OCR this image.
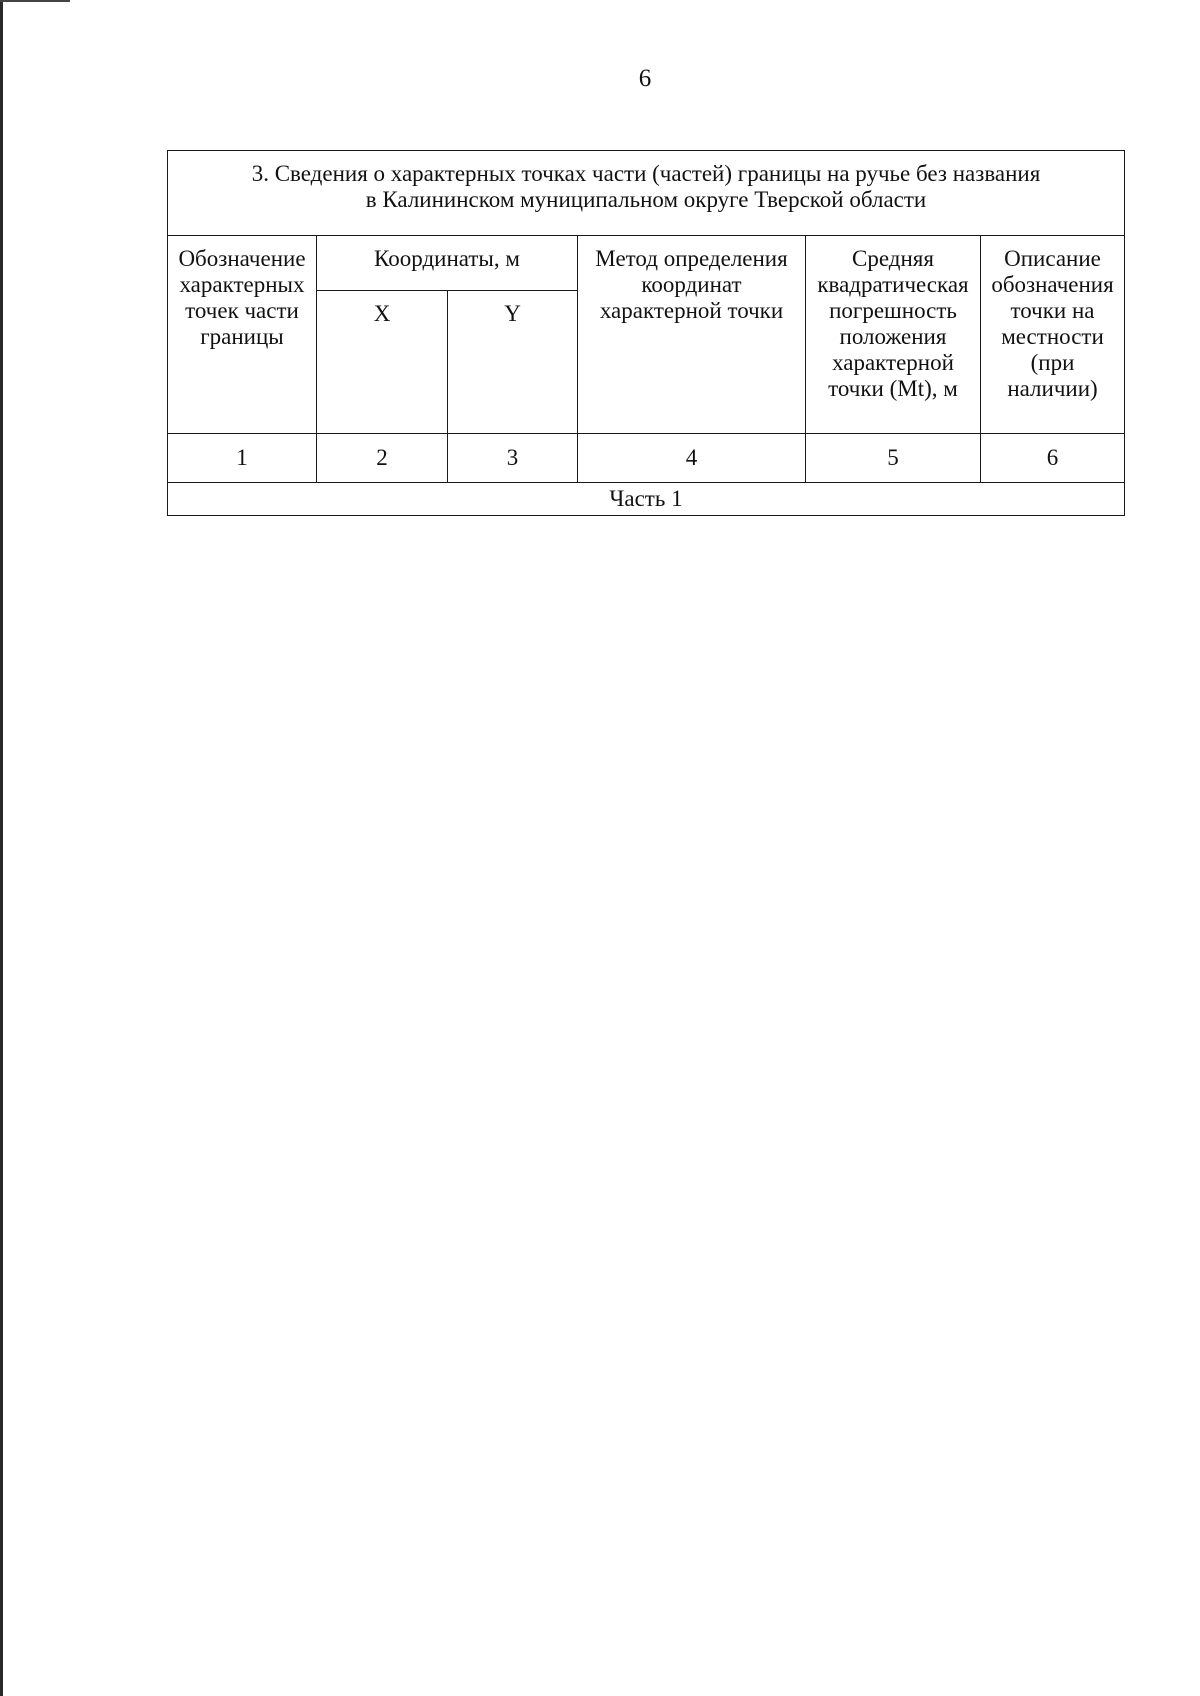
6
3. Сведения о характерных точках части (частей) границы на ручье без названия
в Калининском муниципальном округе Тверской области					

Обозначение характерных точек части границы	Координаты, м		Метод определения координат характерной точки	Средняя квадратическая погрешность положения характерной точки (Mt), м	Описание обозначения точки на местности (при наличии)
	X	Y			
1	2	3	4	5	6
Часть 1					
